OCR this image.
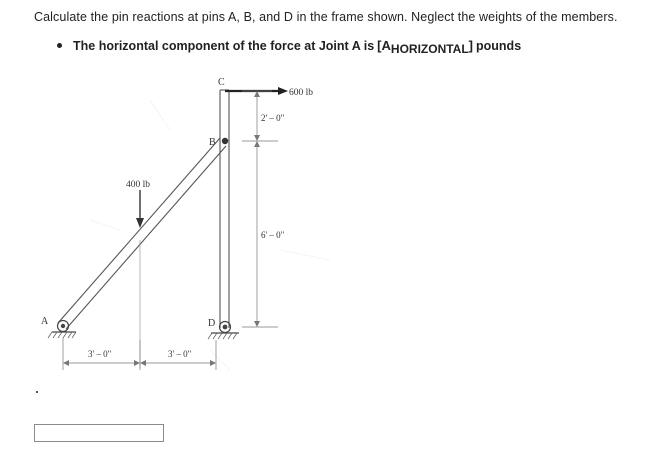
Calculate the pin reactions at pins A, B, and D in the frame shown. Neglect the weights of the members.
The horizontal component of the force at Joint A is [AHORIZONTAL] pounds
C
B
A	D
600 lb
400 lb
2' – 0"
6' – 0"
3' – 0"	3' – 0"
